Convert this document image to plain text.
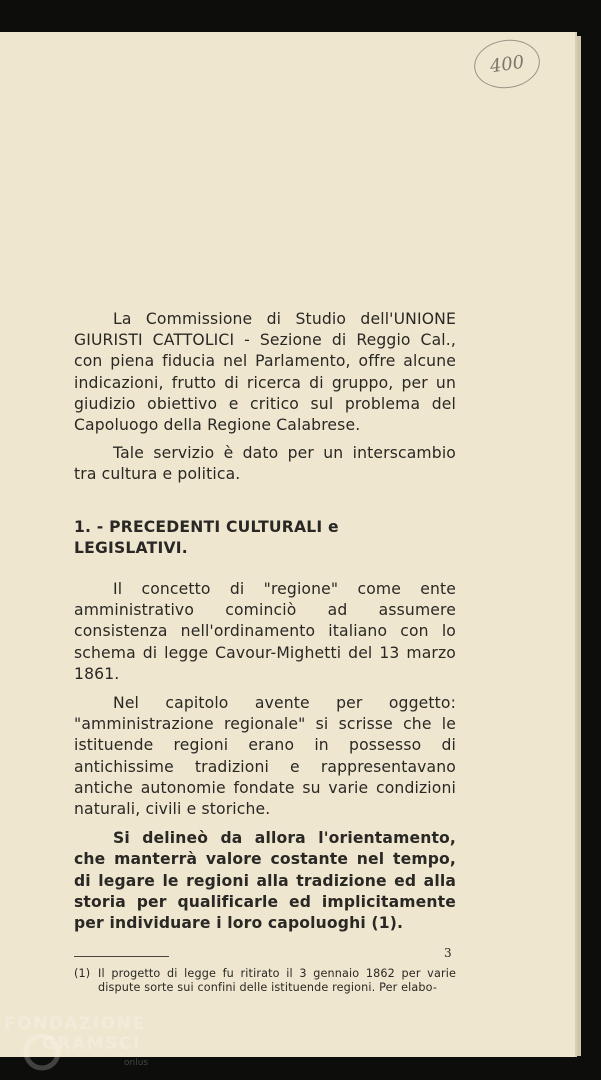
400

La Commissione di Studio dell'UNIONE GIURISTI CATTOLICI - Sezione di Reggio Cal., con piena fiducia nel Parlamento, offre alcune indicazioni, frutto di ricerca di gruppo, per un giudizio obiettivo e critico sul problema del Capoluogo della Regione Calabrese.

Tale servizio è dato per un interscambio tra cultura e politica.

1. - PRECEDENTI CULTURALI e LEGISLATIVI.

Il concetto di "regione" come ente amministrativo cominciò ad assumere consistenza nell'ordinamento italiano con lo schema di legge Cavour-Mighetti del 13 marzo 1861.

Nel capitolo avente per oggetto: "amministrazione regionale" si scrisse che le istituende regioni erano in possesso di antichissime tradizioni e rappresentavano antiche autonomie fondate su varie condizioni naturali, civili e storiche.

Si delineò da allora l'orientamento, che manterrà valore costante nel tempo, di legare le regioni alla tradizione ed alla storia per qualificarle ed implicitamente per individuare i loro capoluoghi (1).

(1) Il progetto di legge fu ritirato il 3 gennaio 1862 per varie dispute sorte sui confini delle istituende regioni. Per elabo-

3
FONDAZIONE
GRAMSCI
onlus
